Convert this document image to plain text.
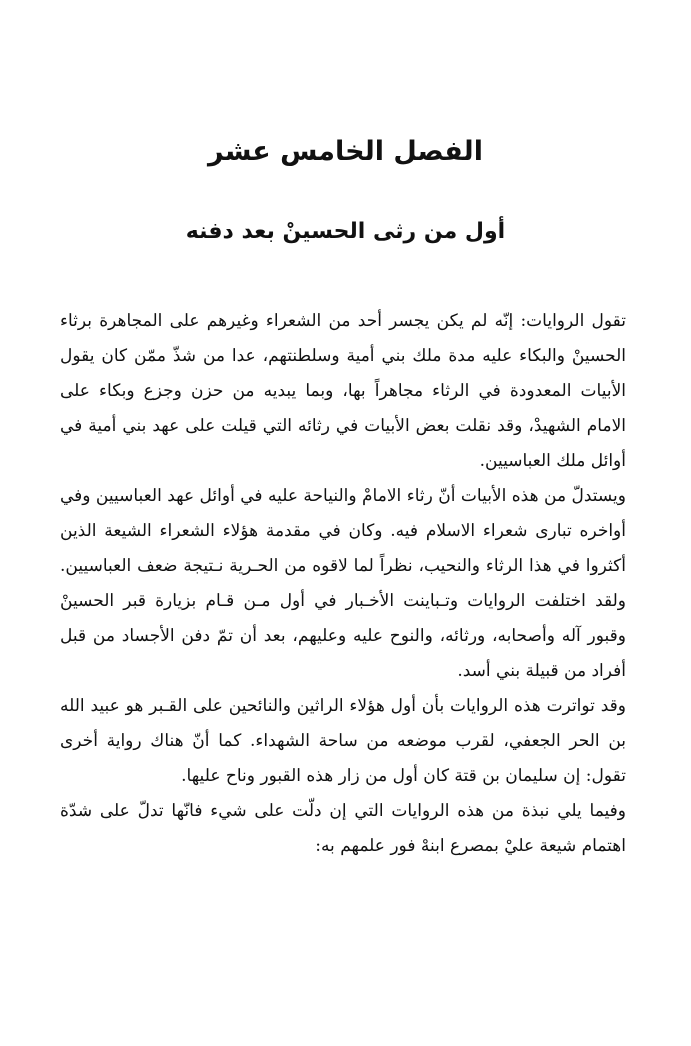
الفصل الخامس عشر
أول من رثى الحسينْ بعد دفنه

تقول الروايات: إنّه لم يكن يجسر أحد من الشعراء وغيرهم على المجاهرة برثاء الحسينْ والبكاء عليه مدة ملك بني أمية وسلطنتهم، عدا من شذّ ممّن كان يقول الأبيات المعدودة في الرثاء مجاهراً بها، وبما يبديه من حزن وجزع وبكاء على الامام الشهيدْ، وقد نقلت بعض الأبيات في رثائه التي قيلت على عهد بني أمية في أوائل ملك العباسيين.

ويستدلّ من هذه الأبيات أنّ رثاء الامامْ والنياحة عليه في أوائل عهد العباسيين وفي أواخره تبارى شعراء الاسلام فيه. وكان في مقدمة هؤلاء الشعراء الشيعة الذين أكثروا في هذا الرثاء والنحيب، نظراً لما لاقوه من الحـرية نـتيجة ضعف العباسيين. ولقد اختلفت الروايات وتـباينت الأخـبار في أول مـن قـام بزيارة قبر الحسينْ وقبور آله وأصحابه، ورثائه، والنوح عليه وعليهم، بعد أن تمّ دفن الأجساد من قبل أفراد من قبيلة بني أسد.

وقد تواترت هذه الروايات بأن أول هؤلاء الراثين والنائحين على القـبر هو عبيد الله بن الحر الجعفي، لقرب موضعه من ساحة الشهداء. كما أنّ هناك رواية أخرى تقول: إن سليمان بن قتة كان أول من زار هذه القبور وناح عليها.

وفيما يلي نبذة من هذه الروايات التي إن دلّت على شيء فانّها تدلّ على شدّة اهتمام شيعة عليْ بمصرع ابنهْ فور علمهم به:
